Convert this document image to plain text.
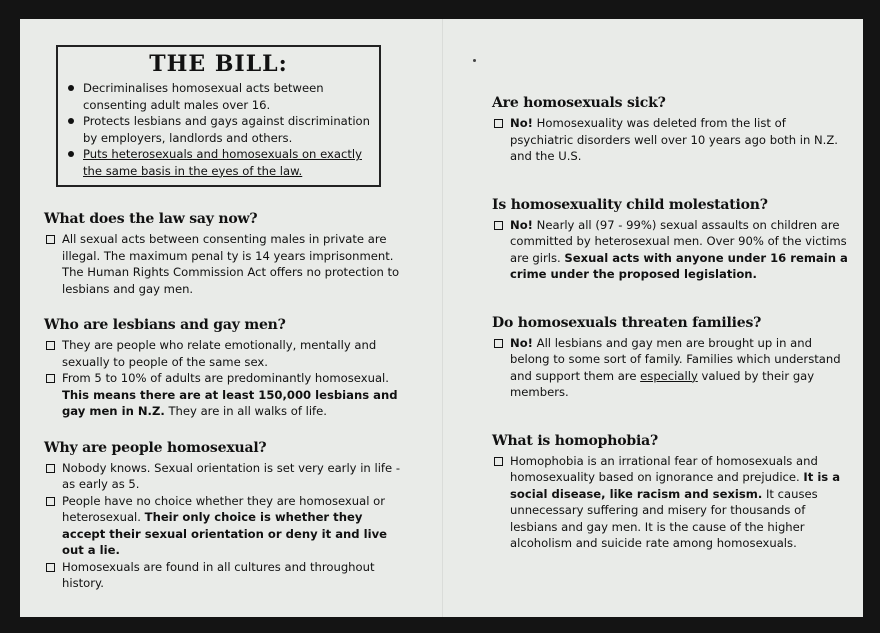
THE BILL:
Decriminalises homosexual acts between consenting adult males over 16.
Protects lesbians and gays against discrimination by employers, landlords and others.
Puts heterosexuals and homosexuals on exactly the same basis in the eyes of the law.
What does the law say now?
All sexual acts between consenting males in private are illegal. The maximum penal ty is 14 years imprisonment. The Human Rights Commission Act offers no protection to lesbians and gay men.
Who are lesbians and gay men?
They are people who relate emotionally, mentally and sexually to people of the same sex.
From 5 to 10% of adults are predominantly homosexual. This means there are at least 150,000 lesbians and gay men in N.Z. They are in all walks of life.
Why are people homosexual?
Nobody knows. Sexual orientation is set very early in life - as early as 5.
People have no choice whether they are homosexual or heterosexual. Their only choice is whether they accept their sexual orientation or deny it and live out a lie.
Homosexuals are found in all cultures and throughout history.
Are homosexuals sick?
No! Homosexuality was deleted from the list of psychiatric disorders well over 10 years ago both in N.Z. and the U.S.
Is homosexuality child molestation?
No! Nearly all (97 - 99%) sexual assaults on children are committed by heterosexual men. Over 90% of the victims are girls. Sexual acts with anyone under 16 remain a crime under the proposed legislation.
Do homosexuals threaten families?
No! All lesbians and gay men are brought up in and belong to some sort of family. Families which understand and support them are especially valued by their gay members.
What is homophobia?
Homophobia is an irrational fear of homosexuals and homosexuality based on ignorance and prejudice. It is a social disease, like racism and sexism. It causes unnecessary suffering and misery for thousands of lesbians and gay men. It is the cause of the higher alcoholism and suicide rate among homosexuals.
